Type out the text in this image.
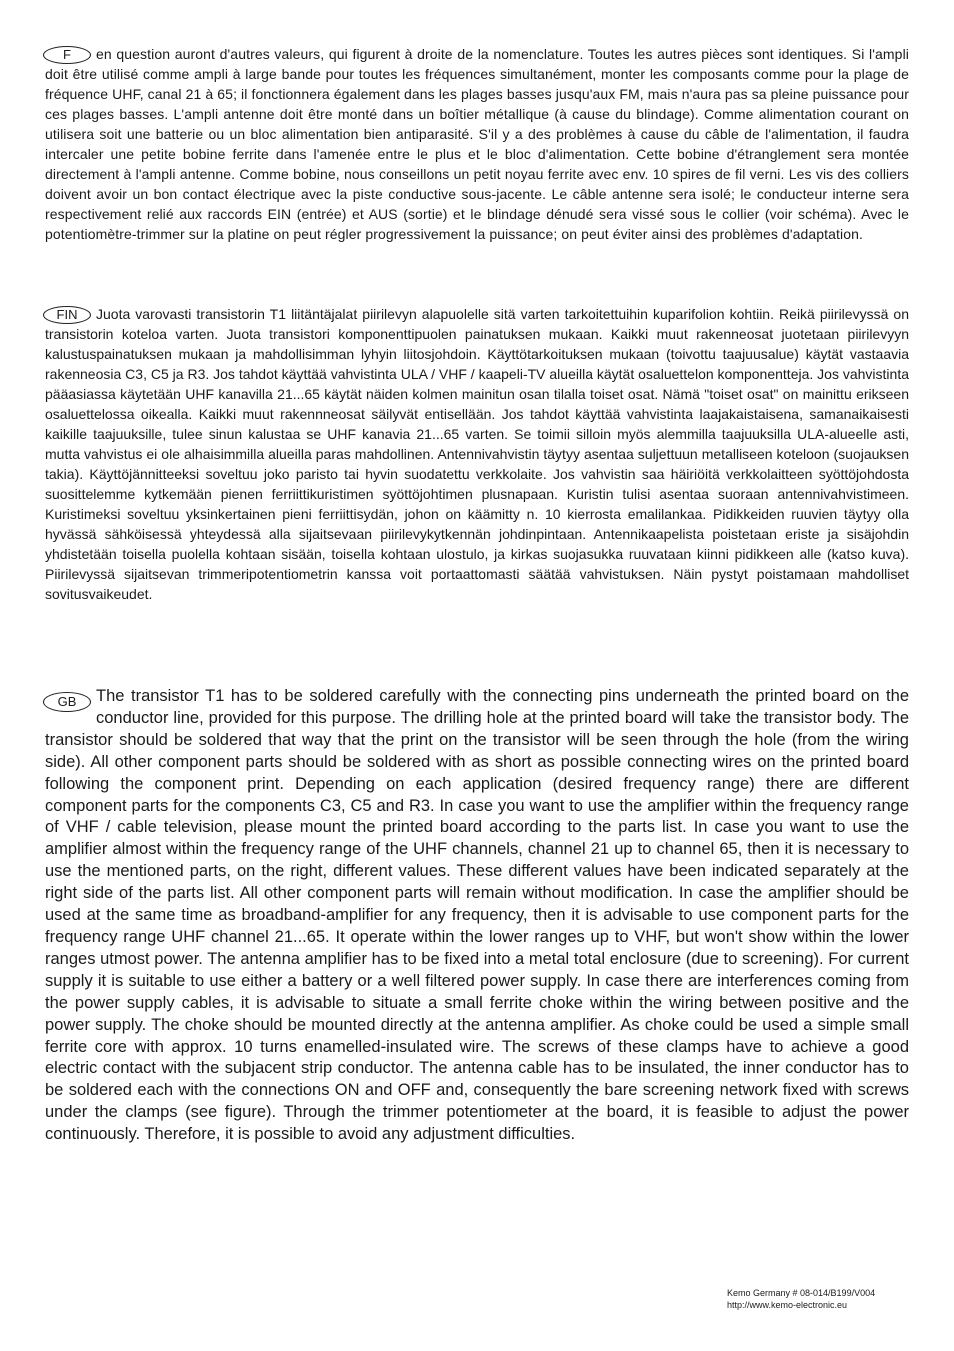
F	en question auront d'autres valeurs, qui figurent à droite de la nomenclature. Toutes les autres pièces sont identiques. Si l'ampli doit être utilisé comme ampli à large bande pour toutes les fréquences simultanément, monter les composants comme pour la plage de fréquence UHF, canal 21 à 65; il fonctionnera également dans les plages basses jusqu'aux FM, mais n'aura pas sa pleine puissance pour ces plages basses. L'ampli antenne doit être monté dans un boîtier métallique (à cause du blindage). Comme alimentation courant on utilisera soit une batterie ou un bloc alimentation bien antiparasité. S'il y a des problèmes à cause du câble de l'alimentation, il faudra intercaler une petite bobine ferrite dans l'amenée entre le plus et le bloc d'alimentation. Cette bobine d'étranglement sera montée directement à l'ampli antenne. Comme bobine, nous conseillons un petit noyau ferrite avec env. 10 spires de fil verni. Les vis des colliers doivent avoir un bon contact électrique avec la piste conductive sous-jacente. Le câble antenne sera isolé; le conducteur interne sera respectivement relié aux raccords EIN (entrée) et AUS (sortie) et le blindage dénudé sera vissé sous le collier (voir schéma). Avec le potentiomètre-trimmer sur la platine on peut régler progressivement la puissance; on peut éviter ainsi des problèmes d'adaptation.
FIN	Juota varovasti transistorin T1 liitäntäjalat piirilevyn alapuolelle sitä varten tarkoitettuihin kuparifolion kohtiin. Reikä piirilevyssä on transistorin koteloa varten. Juota transistori komponenttipuolen painatuksen mukaan. Kaikki muut rakenneosat juotetaan piirilevyyn kalustuspainatuksen mukaan ja mahdollisimman lyhyin liitosjohdoin. Käyttötarkoituksen mukaan (toivottu taajuusalue) käytät vastaavia rakenneosia C3, C5 ja R3. Jos tahdot käyttää vahvistinta ULA / VHF / kaapeli-TV alueilla käytät osaluettelon komponentteja. Jos vahvistinta pääasiassa käytetään UHF kanavilla 21...65 käytät näiden kolmen mainitun osan tilalla toiset osat. Nämä "toiset osat" on mainittu erikseen osaluettelossa oikealla. Kaikki muut rakennneosat säilyvät entisellään. Jos tahdot käyttää vahvistinta laajakaistaisena, samanaikaisesti kaikille taajuuksille, tulee sinun kalustaa se UHF kanavia 21...65 varten. Se toimii silloin myös alemmilla taajuuksilla ULA-alueelle asti, mutta vahvistus ei ole alhaisimmilla alueilla paras mahdollinen. Antennivahvistin täytyy asentaa suljettuun metalliseen koteloon (suojauksen takia). Käyttöjännitteeksi soveltuu joko paristo tai hyvin suodatettu verkkolaite. Jos vahvistin saa häiriöitä verkkolaitteen syöttöjohdosta suosittelemme kytkemään pienen ferriittikuristimen syöttöjohtimen plusnapaan. Kuristin tulisi asentaa suoraan antennivahvistimeen. Kuristimeksi soveltuu yksinkertainen pieni ferriittisydän, johon on käämitty n. 10 kierrosta emalilankaa. Pidikkeiden ruuvien täytyy olla hyvässä sähköisessä yhteydessä alla sijaitsevaan piirilevykytkennän johdinpintaan. Antennikaapelista poistetaan eriste ja sisäjohdin yhdistetään toisella puolella kohtaan sisään, toisella kohtaan ulostulo, ja kirkas suojasukka ruuvataan kiinni pidikkeen alle (katso kuva). Piirilevyssä sijaitsevan trimmeripotentiometrin kanssa voit portaattomasti säätää vahvistuksen. Näin pystyt poistamaan mahdolliset sovitusvaikeudet.
GB	The transistor T1 has to be soldered carefully with the connecting pins underneath the printed board on the conductor line, provided for this purpose. The drilling hole at the printed board will take the transistor body. The transistor should be soldered that way that the print on the transistor will be seen through the hole (from the wiring side). All other component parts should be soldered with as short as possible connecting wires on the printed board following the component print. Depending on each application (desired frequency range) there are different component parts for the components C3, C5 and R3. In case you want to use the amplifier within the frequency range of VHF / cable television, please mount the printed board according to the parts list. In case you want to use the amplifier almost within the frequency range of the UHF channels, channel 21 up to channel 65, then it is necessary to use the mentioned parts, on the right, different values. These different values have been indicated separately at the right side of the parts list. All other component parts will remain without modification. In case the amplifier should be used at the same time as broadband-amplifier for any frequency, then it is advisable to use component parts for the frequency range UHF channel 21...65. It operate within the lower ranges up to VHF, but won't show within the lower ranges utmost power. The antenna amplifier has to be fixed into a metal total enclosure (due to screening). For current supply it is suitable to use either a battery or a well filtered power supply. In case there are interferences coming from the power supply cables, it is advisable to situate a small ferrite choke within the wiring between positive and the power supply. The choke should be mounted directly at the antenna amplifier. As choke could be used a simple small ferrite core with approx. 10 turns enamelled-insulated wire. The screws of these clamps have to achieve a good electric contact with the subjacent strip conductor. The antenna cable has to be insulated, the inner conductor has to be soldered each with the connections ON and OFF and, consequently the bare screening network fixed with screws under the clamps (see figure). Through the trimmer potentiometer at the board, it is feasible to adjust the power continuously. Therefore, it is possible to avoid any adjustment difficulties.
Kemo Germany # 08-014/B199/V004
http://www.kemo-electronic.eu
